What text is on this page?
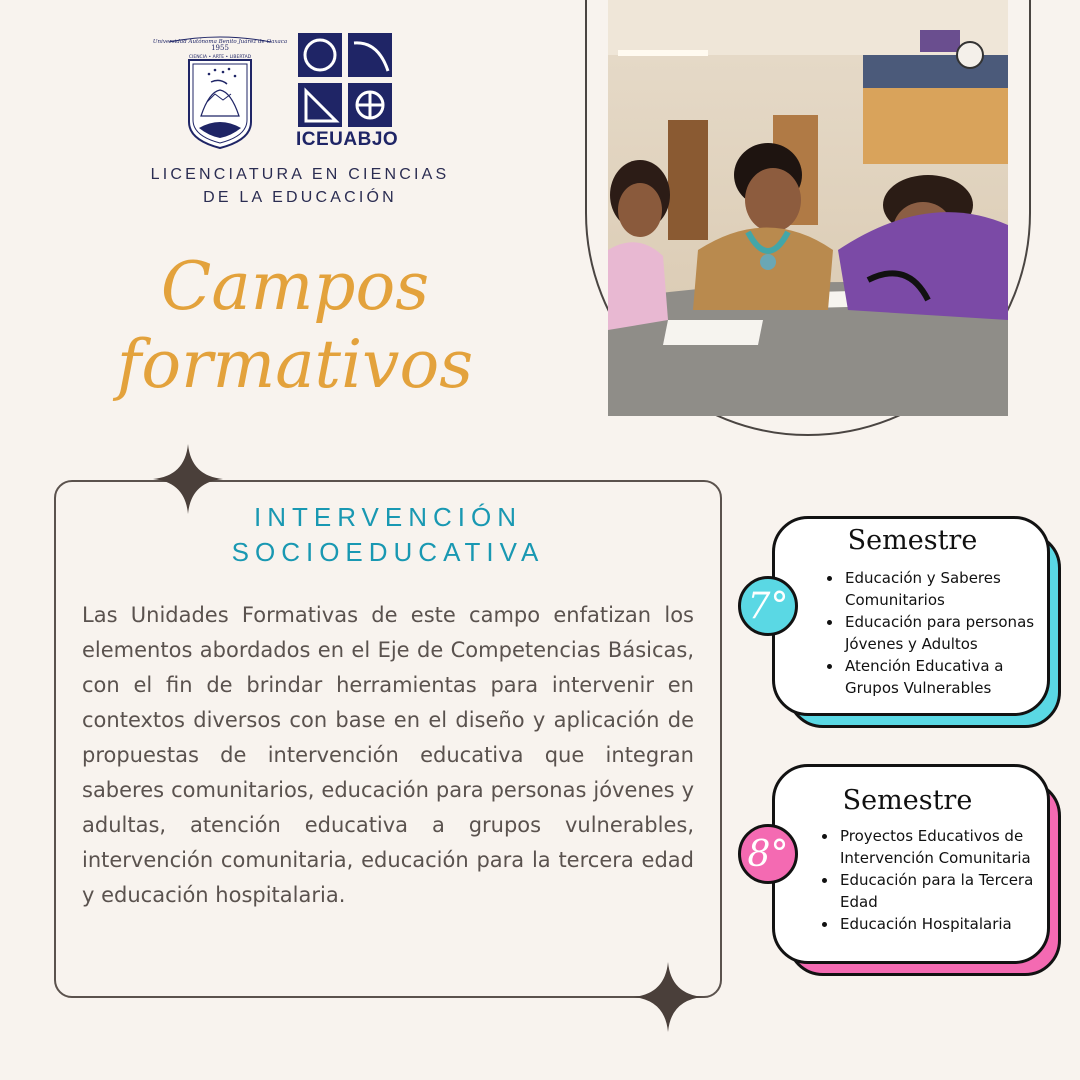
Universidad Autónoma Benito Juárez de Oaxaca
1955
CIENCIA • ARTE • LIBERTAD
ICEUABJO
LICENCIATURA EN CIENCIAS
DE LA EDUCACIÓN
Campos
formativos
INTERVENCIÓN
SOCIOEDUCATIVA
Las Unidades Formativas de este campo enfatizan los elementos abordados en el Eje de Competencias Básicas, con el fin de brindar herramientas para intervenir en contextos diversos con base en el diseño y aplicación de propuestas de intervención educativa que integran saberes comunitarios, educación para personas jóvenes y adultas, atención educativa a grupos vulnerables, intervención comunitaria, educación para la tercera edad y educación hospitalaria.
Semestre
• Educación y Saberes Comunitarios
• Educación para personas Jóvenes y Adultos
• Atención Educativa a Grupos Vulnerables
7°
Semestre
• Proyectos Educativos de Intervención Comunitaria
• Educación para la Tercera Edad
• Educación Hospitalaria
8°
